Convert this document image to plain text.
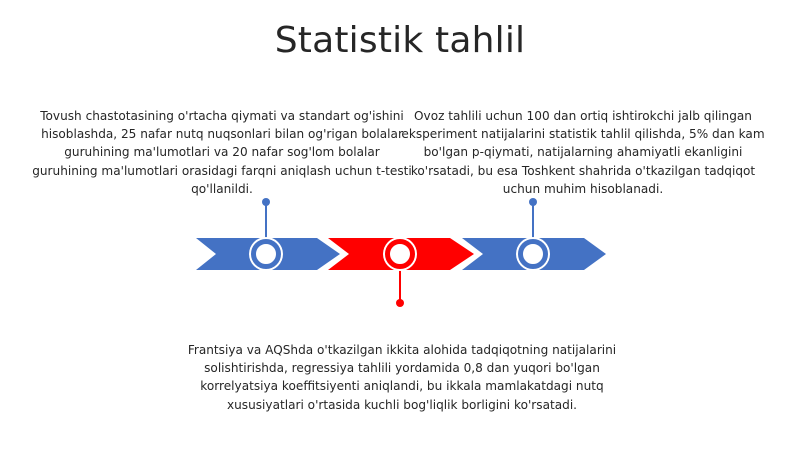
Statistik tahlil
Tovush chastotasining o'rtacha qiymati va standart og'ishini hisoblashda, 25 nafar nutq nuqsonlari bilan og'rigan bolalar guruhining ma'lumotlari va 20 nafar sog'lom bolalar guruhining ma'lumotlari orasidagi farqni aniqlash uchun t-testi qo'llanildi.
Ovoz tahlili uchun 100 dan ortiq ishtirokchi jalb qilingan eksperiment natijalarini statistik tahlil qilishda, 5% dan kam bo'lgan p-qiymati, natijalarning ahamiyatli ekanligini ko'rsatadi, bu esa Toshkent shahrida o'tkazilgan tadqiqot uchun muhim hisoblanadi.
Frantsiya va AQShda o'tkazilgan ikkita alohida tadqiqotning natijalarini solishtirishda, regressiya tahlili yordamida 0,8 dan yuqori bo'lgan korrelyatsiya koeffitsiyenti aniqlandi, bu ikkala mamlakatdagi nutq xususiyatlari o'rtasida kuchli bog'liqlik borligini ko'rsatadi.
